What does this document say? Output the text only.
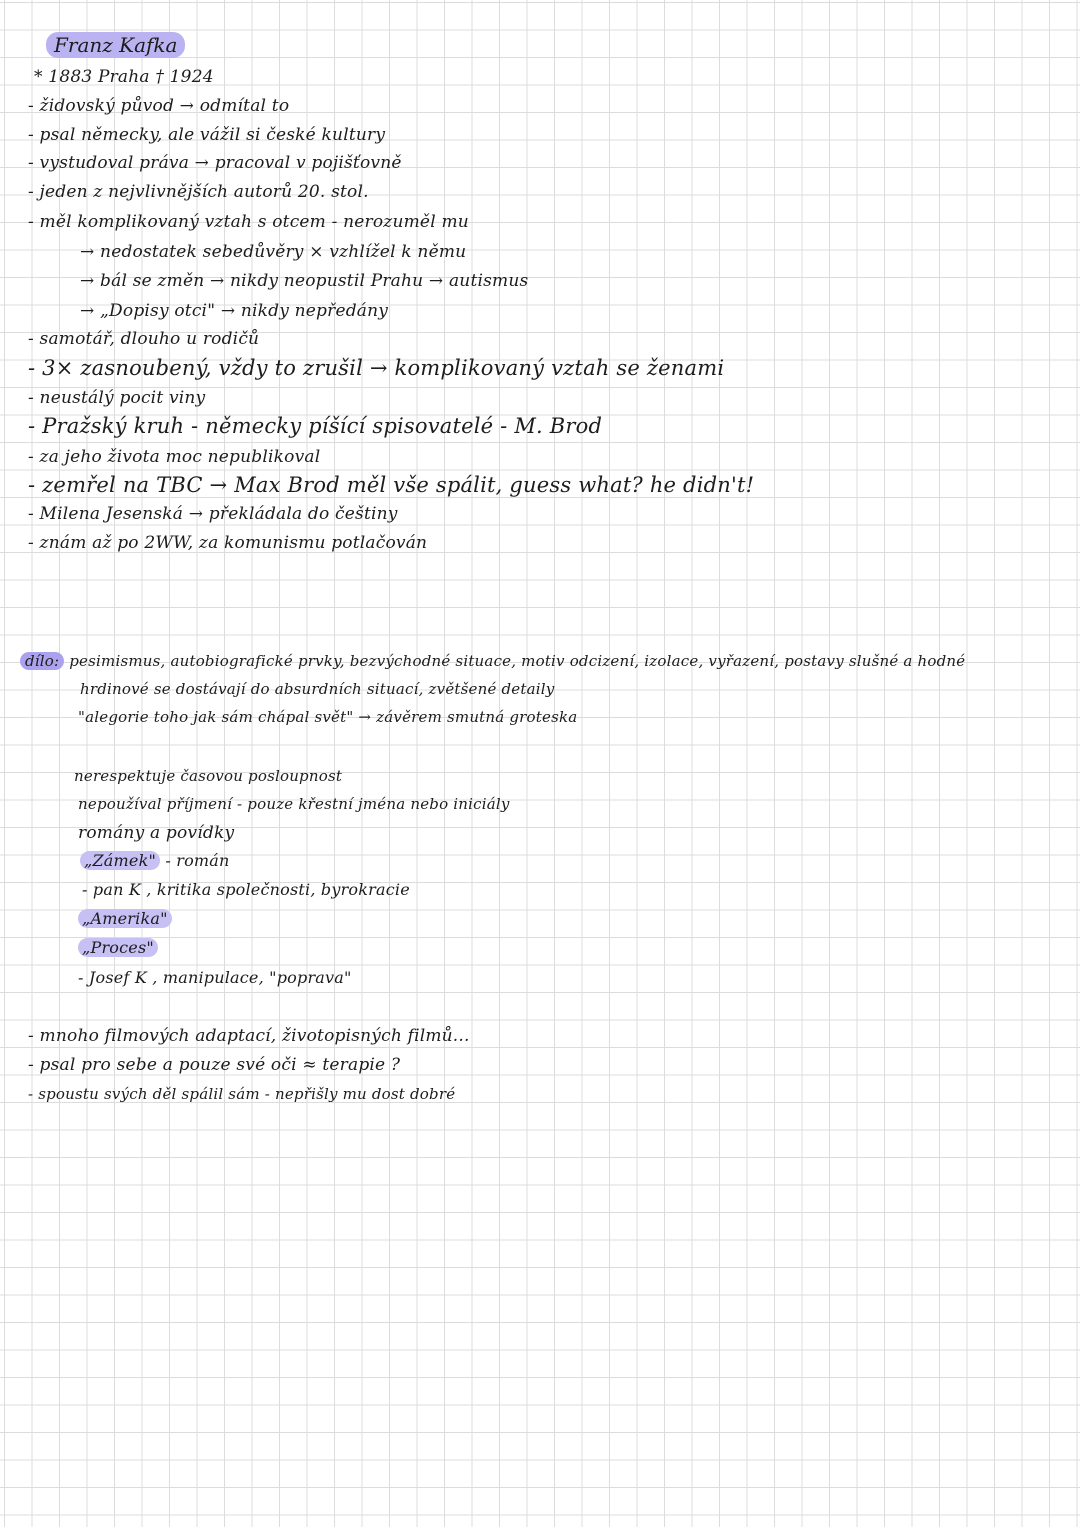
Franz Kafka
* 1883 Praha † 1924
- židovský původ → odmítal to
- psal německy, ale vážil si české kultury
- vystudoval práva → pracoval v pojišťovně
- jeden z nejvlivnějších autorů 20. stol.
- měl komplikovaný vztah s otcem - nerozuměl mu
→ nedostatek sebedůvěry × vzhlížel k němu
→ bál se změn → nikdy neopustil Prahu → autismus
→ „Dopisy otci" → nikdy nepředány
- samotář, dlouho u rodičů
- 3× zasnoubený, vždy to zrušil → komplikovaný vztah se ženami
- neustálý pocit viny
- Pražský kruh - německy píšící spisovatelé - M. Brod
- za jeho života moc nepublikoval
- zemřel na TBC → Max Brod měl vše spálit, guess what? he didn't!
- Milena Jesenská → překládala do češtiny
- znám až po 2WW, za komunismu potlačován
dílo: pesimismus, autobiografické prvky, bezvýchodné situace, motiv odcizení, izolace, vyřazení, postavy slušné a hodné
hrdinové se dostávají do absurdních situací, zvětšené detaily
"alegorie toho jak sám chápal svět" → závěrem smutná groteska
nerespektuje časovou posloupnost
nepoužíval příjmení - pouze křestní jména nebo iniciály
romány a povídky
„Zámek" - román
- pan K , kritika společnosti, byrokracie
„Amerika"
„Proces"
- Josef K , manipulace, "poprava"
- mnoho filmových adaptací, životopisných filmů...
- psal pro sebe a pouze své oči ≈ terapie ?
- spoustu svých děl spálil sám - nepřišly mu dost dobré
